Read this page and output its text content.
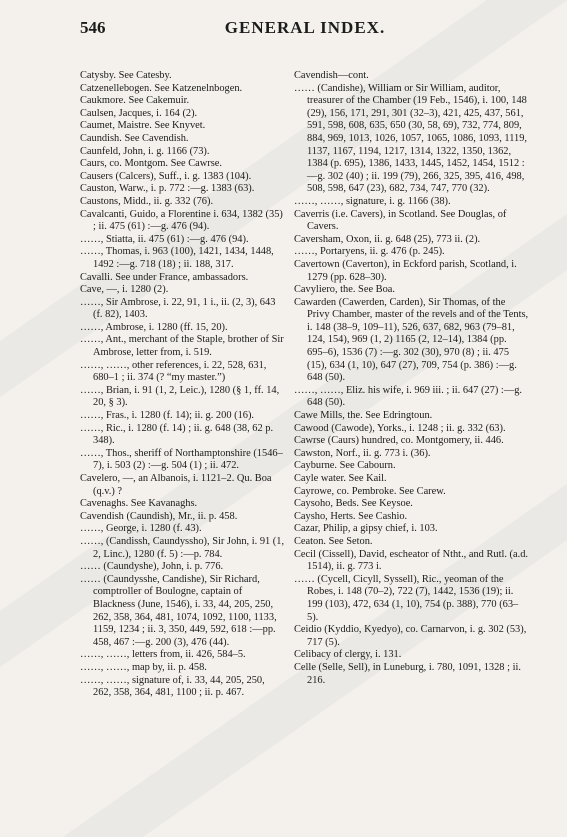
546	GENERAL INDEX.

Catysby. See Catesby.

Catzenellebogen. See Katzenelnbogen.

Caukmore. See Cakemuir.

Caulsen, Jacques, i. 164 (2).

Caumet, Maistre. See Knyvet.

Caundish. See Cavendish.

Caunfeld, John, i. g. 1166 (73).

Caurs, co. Montgom. See Cawrse.

Causers (Calcers), Suff., i. g. 1383 (104).

Causton, Warw., i. p. 772 :—g. 1383 (63).

Caustons, Midd., ii. g. 332 (76).

Cavalcanti, Guido, a Florentine i. 634, 1382 (35) ; ii. 475 (61) :—g. 476 (94).

……, Stiatta, ii. 475 (61) :—g. 476 (94).

……, Thomas, i. 963 (100), 1421, 1434, 1448, 1492 :—g. 718 (18) ; ii. 188, 317.

Cavalli. See under France, ambassadors.

Cave, —, i. 1280 (2).

……, Sir Ambrose, i. 22, 91, 1 i., ii. (2, 3), 643 (f. 82), 1403.

……, Ambrose, i. 1280 (ff. 15, 20).

……, Ant., merchant of the Staple, brother of Sir Ambrose, letter from, i. 519.

……, ……, other references, i. 22, 528, 631, 680–1 ; ii. 374 (? “my master.”)

……, Brian, i. 91 (1, 2, Leic.), 1280 (§ 1, ff. 14, 20, § 3).

……, Fras., i. 1280 (f. 14); ii. g. 200 (16).

……, Ric., i. 1280 (f. 14) ; ii. g. 648 (38, 62 p. 348).

……, Thos., sheriff of Northamptonshire (1546–7), i. 503 (2) :—g. 504 (1) ; ii. 472.

Cavelero, —, an Albanois, i. 1121–2. Qu. Boa (q.v.) ?

Cavenaghs. See Kavanaghs.

Cavendish (Caundish), Mr., ii. p. 458.

……, George, i. 1280 (f. 43).

……, (Candissh, Caundyssho), Sir John, i. 91 (1, 2, Linc.), 1280 (f. 5) :—p. 784.

…… (Caundyshe), John, i. p. 776.

…… (Caundysshe, Candishe), Sir Richard, comptroller of Boulogne, captain of Blackness (June, 1546), i. 33, 44, 205, 250, 262, 358, 364, 481, 1074, 1092, 1100, 1133, 1159, 1234 ; ii. 3, 350, 449, 592, 618 :—pp. 458, 467 :—g. 200 (3), 476 (44).

……, ……, letters from, ii. 426, 584–5.

……, ……, map by, ii. p. 458.

……, ……, signature of, i. 33, 44, 205, 250, 262, 358, 364, 481, 1100 ; ii. p. 467.

Cavendish—cont.

…… (Candishe), William or Sir William, auditor, treasurer of the Chamber (19 Feb., 1546), i. 100, 148 (29), 156, 171, 291, 301 (32–3), 421, 425, 437, 561, 591, 598, 608, 635, 650 (30, 58, 69), 732, 774, 809, 884, 969, 1013, 1026, 1057, 1065, 1086, 1093, 1119, 1137, 1167, 1194, 1217, 1314, 1322, 1350, 1362, 1384 (p. 695), 1386, 1433, 1445, 1452, 1454, 1512 :—g. 302 (40) ; ii. 199 (79), 266, 325, 395, 416, 498, 508, 598, 647 (23), 682, 734, 747, 770 (32).

……, ……, signature, i. g. 1166 (38).

Caverris (i.e. Cavers), in Scotland. See Douglas, of Cavers.

Caversham, Oxon, ii. g. 648 (25), 773 ii. (2).

……, Portaryens, ii. g. 476 (p. 245).

Cavertown (Caverton), in Eckford parish, Scotland, i. 1279 (pp. 628–30).

Cavyliero, the. See Boa.

Cawarden (Cawerden, Carden), Sir Thomas, of the Privy Chamber, master of the revels and of the Tents, i. 148 (38–9, 109–11), 526, 637, 682, 963 (79–81, 124, 154), 969 (1, 2) 1165 (2, 12–14), 1384 (pp. 695–6), 1536 (7) :—g. 302 (30), 970 (8) ; ii. 475 (15), 634 (1, 10), 647 (27), 709, 754 (p. 386) :—g. 648 (50).

……, ……, Eliz. his wife, i. 969 iii. ; ii. 647 (27) :—g. 648 (50).

Cawe Mills, the. See Edringtoun.

Cawood (Cawode), Yorks., i. 1248 ; ii. g. 332 (63).

Cawrse (Caurs) hundred, co. Montgomery, ii. 446.

Cawston, Norf., ii. g. 773 i. (36).

Cayburne. See Cabourn.

Cayle water. See Kail.

Cayrowe, co. Pembroke. See Carew.

Caysoho, Beds. See Keysoe.

Caysho, Herts. See Cashio.

Cazar, Philip, a gipsy chief, i. 103.

Ceaton. See Seton.

Cecil (Cissell), David, escheator of Ntht., and Rutl. (a.d. 1514), ii. g. 773 i.

…… (Cycell, Cicyll, Syssell), Ric., yeoman of the Robes, i. 148 (70–2), 722 (7), 1442, 1536 (19); ii. 199 (103), 472, 634 (1, 10), 754 (p. 388), 770 (63–5).

Ceidio (Kyddio, Kyedyo), co. Carnarvon, i. g. 302 (53), 717 (5).

Celibacy of clergy, i. 131.

Celle (Selle, Sell), in Luneburg, i. 780, 1091, 1328 ; ii. 216.
